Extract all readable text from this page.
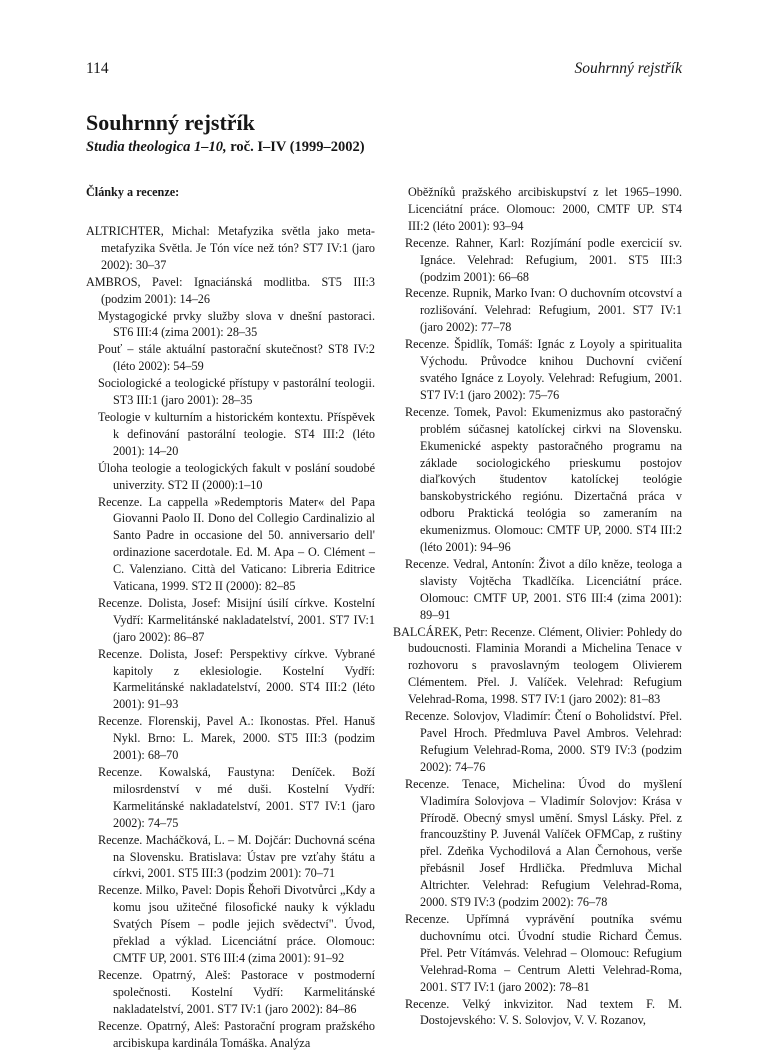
114	Souhrnný rejstřík
Souhrnný rejstřík

Studia theologica 1–10, roč. I–IV (1999–2002)

Články a recenze:

ALTRICHTER, Michal: Metafyzika světla jako meta-metafyzika Světla. Je Tón více než tón? ST7 IV:1 (jaro 2002): 30–37

AMBROS, Pavel: Ignaciánská modlitba. ST5 III:3 (podzim 2001): 14–26

Mystagogické prvky služby slova v dnešní pastoraci. ST6 III:4 (zima 2001): 28–35

Pouť – stále aktuální pastorační skutečnost? ST8 IV:2 (léto 2002): 54–59

Sociologické a teologické přístupy v pastorální teologii. ST3 III:1 (jaro 2001): 28–35

Teologie v kulturním a historickém kontextu. Příspěvek k definování pastorální teologie. ST4 III:2 (léto 2001): 14–20

Úloha teologie a teologických fakult v poslání soudobé univerzity. ST2 II (2000):1–10

Recenze. La cappella »Redemptoris Mater« del Papa Giovanni Paolo II. Dono del Collegio Cardinalizio al Santo Padre in occasione del 50. anniversario dell' ordinazione sacerdotale. Ed. M. Apa – O. Clément – C. Valenziano. Città del Vaticano: Libreria Editrice Vaticana, 1999. ST2 II (2000): 82–85

Recenze. Dolista, Josef: Misijní úsilí církve. Kostelní Vydří: Karmelitánské nakladatelství, 2001. ST7 IV:1 (jaro 2002): 86–87

Recenze. Dolista, Josef: Perspektivy církve. Vybrané kapitoly z eklesiologie. Kostelní Vydří: Karmelitánské nakladatelství, 2000. ST4 III:2 (léto 2001): 91–93

Recenze. Florenskij, Pavel A.: Ikonostas. Přel. Hanuš Nykl. Brno: L. Marek, 2000. ST5 III:3 (podzim 2001): 68–70

Recenze. Kowalská, Faustyna: Deníček. Boží milosrdenství v mé duši. Kostelní Vydří: Karmelitánské nakladatelství, 2001. ST7 IV:1 (jaro 2002): 74–75

Recenze. Macháčková, L. – M. Dojčár: Duchovná scéna na Slovensku. Bratislava: Ústav pre vzťahy štátu a církvi, 2001. ST5 III:3 (podzim 2001): 70–71

Recenze. Milko, Pavel: Dopis Řehoři Divotvůrci „Kdy a komu jsou užitečné filosofické nauky k výkladu Svatých Písem – podle jejich svědectví". Úvod, překlad a výklad. Licenciátní práce. Olomouc: CMTF UP, 2001. ST6 III:4 (zima 2001): 91–92

Recenze. Opatrný, Aleš: Pastorace v postmoderní společnosti. Kostelní Vydří: Karmelitánské nakladatelství, 2001. ST7 IV:1 (jaro 2002): 84–86

Recenze. Opatrný, Aleš: Pastorační program pražského arcibiskupa kardinála Tomáška. Analýza

Oběžníků pražského arcibiskupství z let 1965–1990. Licenciátní práce. Olomouc: 2000, CMTF UP. ST4 III:2 (léto 2001): 93–94

Recenze. Rahner, Karl: Rozjímání podle exercicií sv. Ignáce. Velehrad: Refugium, 2001. ST5 III:3 (podzim 2001): 66–68

Recenze. Rupnik, Marko Ivan: O duchovním otcovství a rozlišování. Velehrad: Refugium, 2001. ST7 IV:1 (jaro 2002): 77–78

Recenze. Špidlík, Tomáš: Ignác z Loyoly a spiritualita Východu. Průvodce knihou Duchovní cvičení svatého Ignáce z Loyoly. Velehrad: Refugium, 2001. ST7 IV:1 (jaro 2002): 75–76

Recenze. Tomek, Pavol: Ekumenizmus ako pastoračný problém súčasnej katolíckej cirkvi na Slovensku. Ekumenické aspekty pastoračného programu na základe sociologického prieskumu postojov diaľkových študentov katolíckej teológie banskobystrického regiónu. Dizertačná práca v odboru Praktická teológia so zameraním na ekumenizmus. Olomouc: CMTF UP, 2000. ST4 III:2 (léto 2001): 94–96

Recenze. Vedral, Antonín: Život a dílo kněze, teologa a slavisty Vojtěcha Tkadlčíka. Licenciátní práce. Olomouc: CMTF UP, 2001. ST6 III:4 (zima 2001): 89–91

BALCÁREK, Petr: Recenze. Clément, Olivier: Pohledy do budoucnosti. Flaminia Morandi a Michelina Tenace v rozhovoru s pravoslavným teologem Olivierem Clémentem. Přel. J. Valíček. Velehrad: Refugium Velehrad-Roma, 1998. ST7 IV:1 (jaro 2002): 81–83

Recenze. Solovjov, Vladimír: Čtení o Boholidství. Přel. Pavel Hroch. Předmluva Pavel Ambros. Velehrad: Refugium Velehrad-Roma, 2000. ST9 IV:3 (podzim 2002): 74–76

Recenze. Tenace, Michelina: Úvod do myšlení Vladimíra Solovjova – Vladimír Solovjov: Krása v Přírodě. Obecný smysl umění. Smysl Lásky. Přel. z francouzštiny P. Juvenál Valíček OFMCap, z ruštiny přel. Zdeňka Vychodilová a Alan Černohous, verše přebásnil Josef Hrdlička. Předmluva Michal Altrichter. Velehrad: Refugium Velehrad-Roma, 2000. ST9 IV:3 (podzim 2002): 76–78

Recenze. Upřímná vyprávění poutníka svému duchovnímu otci. Úvodní studie Richard Čemus. Přel. Petr Vítámvás. Velehrad – Olomouc: Refugium Velehrad-Roma – Centrum Aletti Velehrad-Roma, 2001. ST7 IV:1 (jaro 2002): 78–81

Recenze. Velký inkvizitor. Nad textem F. M. Dostojevského: V. S. Solovjov, V. V. Rozanov,
